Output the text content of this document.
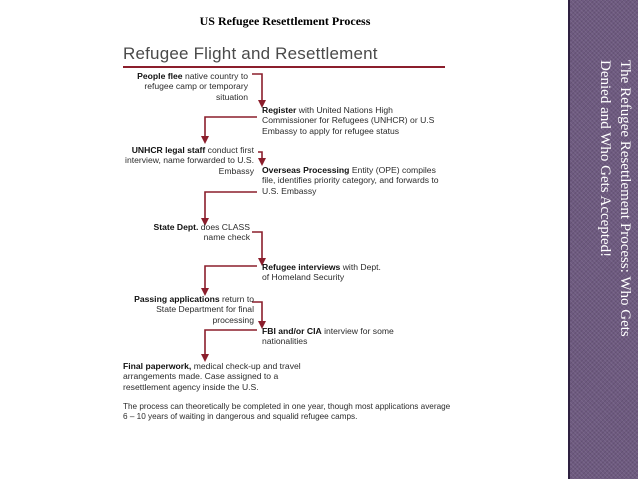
US Refugee Resettlement Process
Refugee Flight and Resettlement
People flee native country to refugee camp or temporary situation
Register with United Nations High Commissioner for Refugees (UNHCR) or U.S Embassy to apply for refugee status
UNHCR legal staff conduct first interview, name forwarded to U.S. Embassy Overseas Processing Entity (OPE) compiles file, identifies priority category, and forwards to U.S. Embassy
State Dept. does CLASS name check
Refugee interviews with Dept. of Homeland Security
Passing applications return to State Department for final processing
FBI and/or CIA interview for some nationalities
Final paperwork, medical check-up and travel arrangements made. Case assigned to a resettlement agency inside the U.S.
The process can theoretically be completed in one year, though most applications average 6 – 10 years of waiting in dangerous and squalid refugee camps.
The Refugee Resettlement Process: Who Gets Denied and Who Gets Accepted!
